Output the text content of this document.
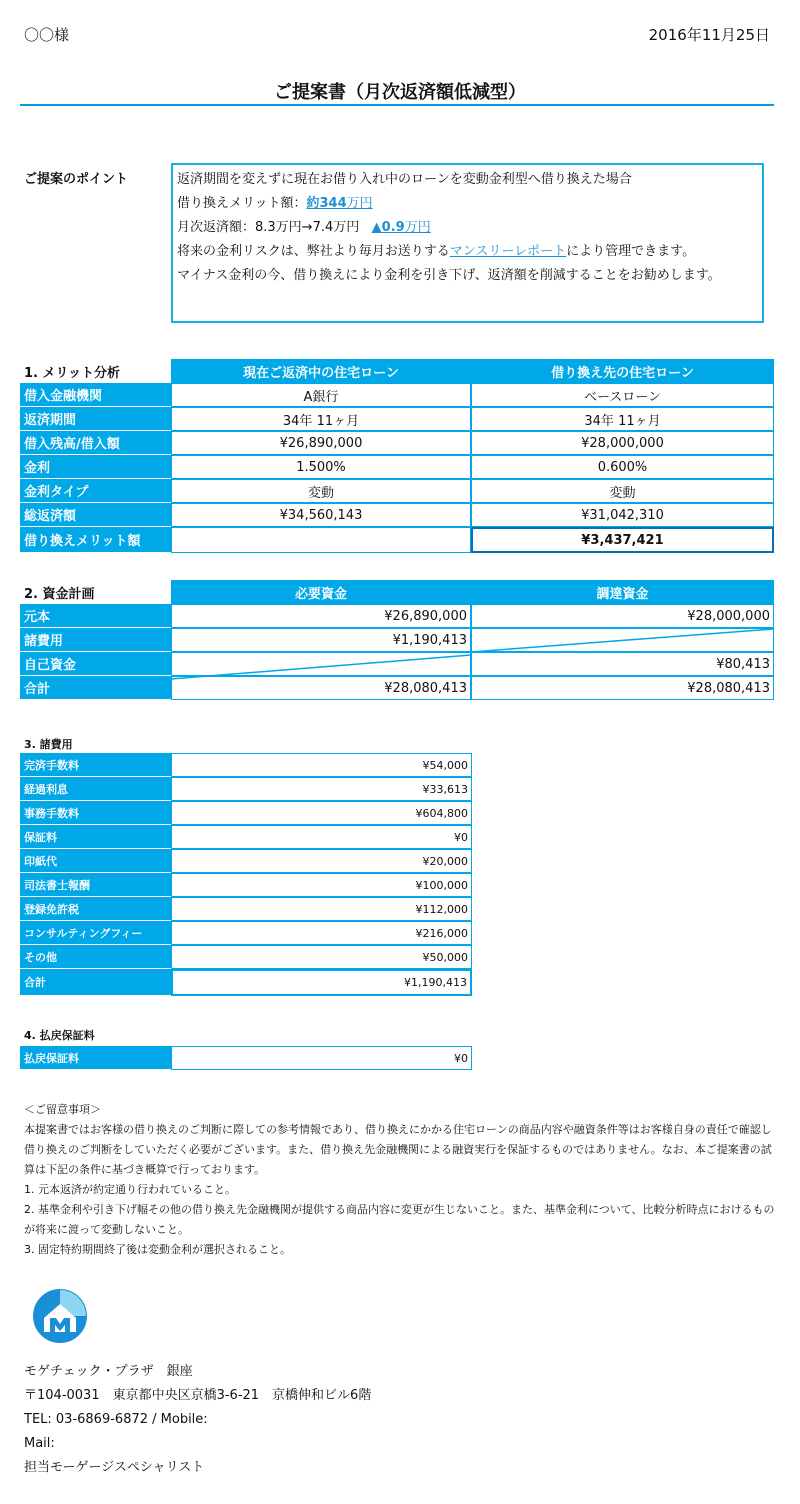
〇〇様	2016年11月25日
ご提案書（月次返済額低減型）
ご提案のポイント	返済期間を変えずに現在お借り入れ中のローンを変動金利型へ借り換えた場合
借り換えメリット額：約344万円
月次返済額：8.3万円→7.4万円 ▲0.9万円
将来の金利リスクは、弊社より毎月お送りするマンスリーレポートにより管理できます。
マイナス金利の今、借り換えにより金利を引き下げ、返済額を削減することをお勧めします。
1. メリット分析	現在ご返済中の住宅ローン	借り換え先の住宅ローン
借入金融機関	A銀行	ベースローン
返済期間	34年 11ヶ月	34年 11ヶ月
借入残高/借入額	¥26,890,000	¥28,000,000
金利	1.500%	0.600%
金利タイプ	変動	変動
総返済額	¥34,560,143	¥31,042,310
借り換えメリット額		¥3,437,421
2. 資金計画	必要資金	調達資金
元本	¥26,890,000	¥28,000,000
諸費用	¥1,190,413	
自己資金		¥80,413
合計	¥28,080,413	¥28,080,413
3. 諸費用
完済手数料	¥54,000
経過利息	¥33,613
事務手数料	¥604,800
保証料	¥0
印紙代	¥20,000
司法書士報酬	¥100,000
登録免許税	¥112,000
コンサルティングフィー	¥216,000
その他	¥50,000
合計	¥1,190,413
4. 払戻保証料
払戻保証料	¥0
＜ご留意事項＞
本提案書ではお客様の借り換えのご判断に際しての参考情報であり、借り換えにかかる住宅ローンの商品内容や融資条件等はお客様自身の責任で確認し借り換えのご判断をしていただく必要がございます。また、借り換え先金融機関による融資実行を保証するものではありません。なお、本ご提案書の試算は下記の条件に基づき概算で行っております。
1. 元本返済が約定通り行われていること。
2. 基準金利や引き下げ幅その他の借り換え先金融機関が提供する商品内容に変更が生じないこと。また、基準金利について、比較分析時点におけるものが将来に渡って変動しないこと。
3. 固定特約期間終了後は変動金利が選択されること。
モゲチェック・プラザ　銀座
〒104-0031　東京都中央区京橋3-6-21　京橋伸和ビル6階
TEL: 03-6869-6872 / Mobile:
Mail:
担当モーゲージスペシャリスト
